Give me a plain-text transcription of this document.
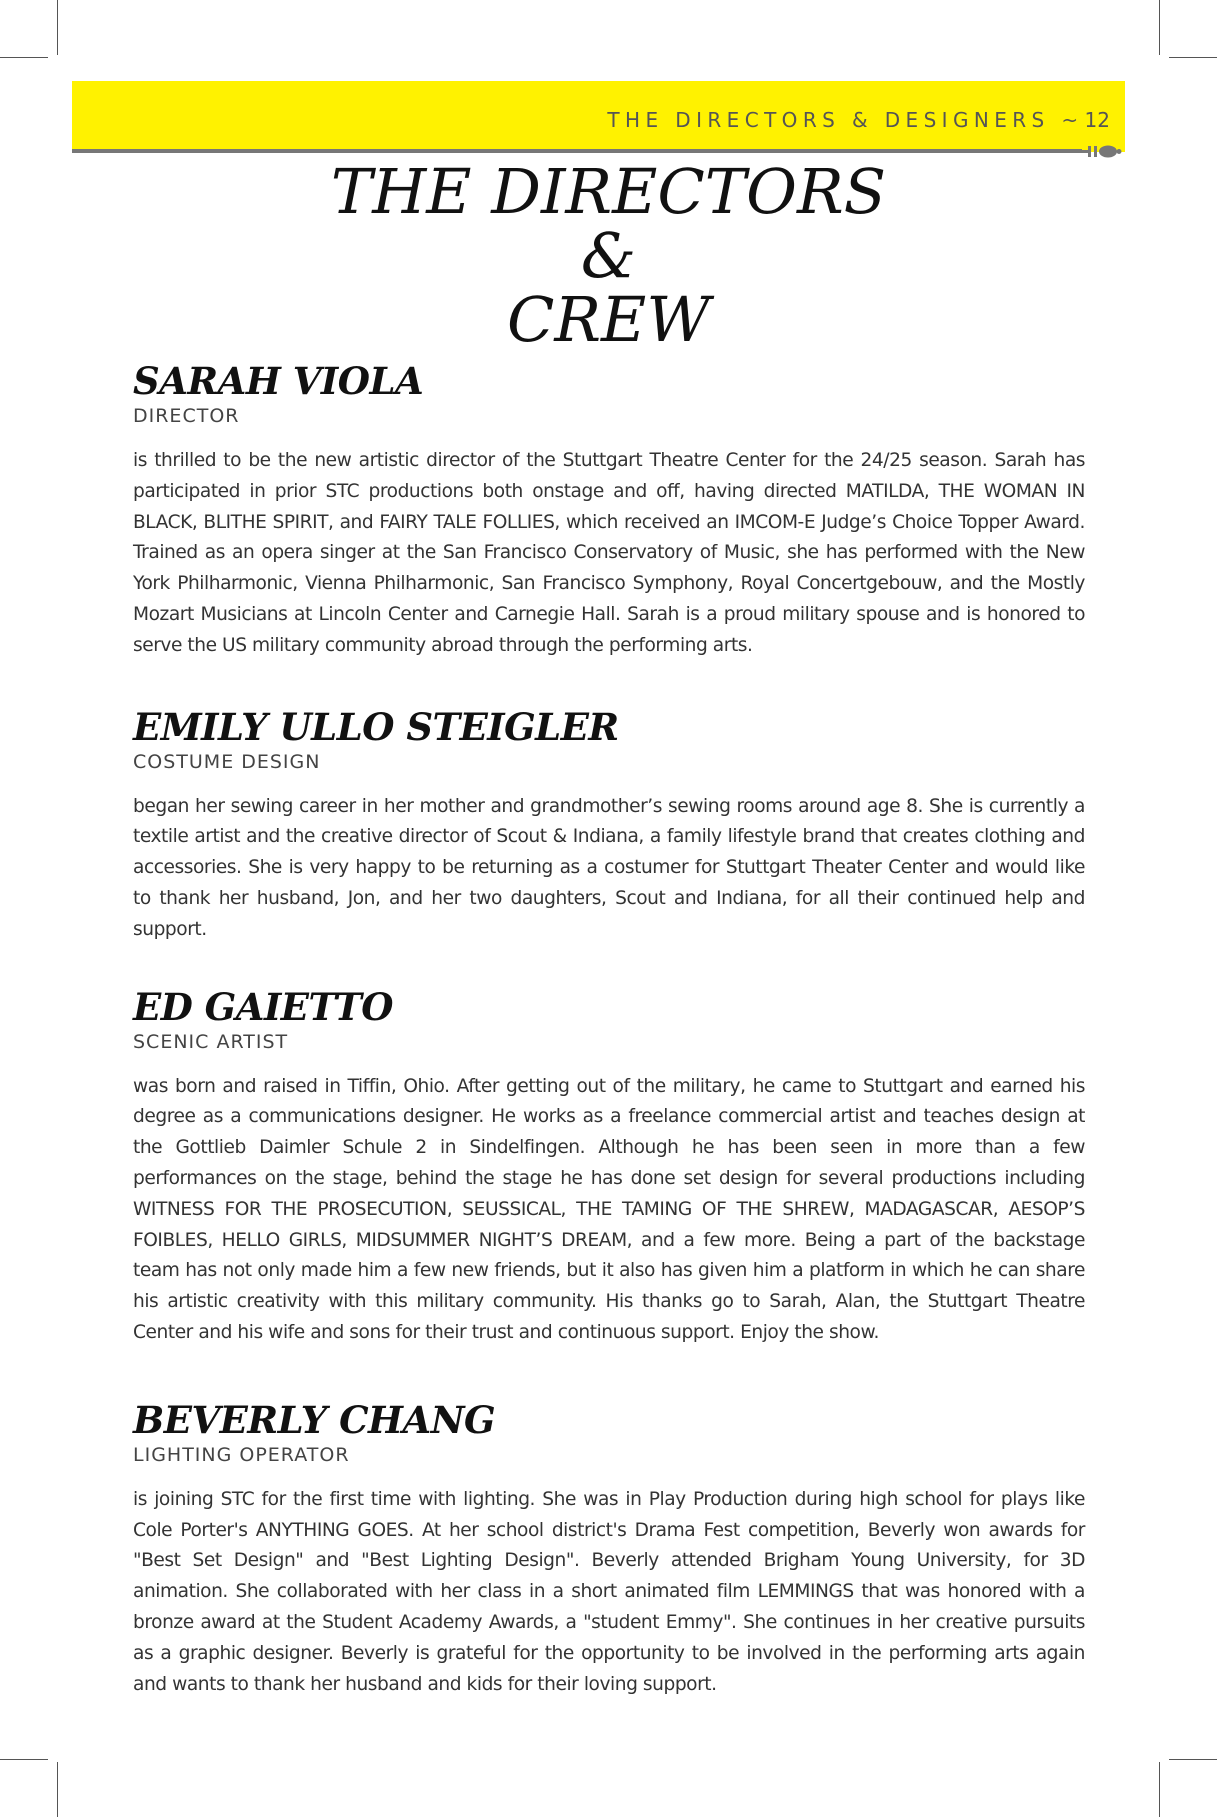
THE DIRECTORS & DESIGNERS ~ 12
THE DIRECTORS
&
CREW
SARAH VIOLA
DIRECTOR

is thrilled to be the new artistic director of the Stuttgart Theatre Center for the 24/25 season. Sarah has participated in prior STC productions both onstage and off, having directed MATILDA, THE WOMAN IN BLACK, BLITHE SPIRIT, and FAIRY TALE FOLLIES, which received an IMCOM-E Judge’s Choice Topper Award. Trained as an opera singer at the San Francisco Conservatory of Music, she has performed with the New York Philharmonic, Vienna Philharmonic, San Francisco Symphony, Royal Concertgebouw, and the Mostly Mozart Musicians at Lincoln Center and Carnegie Hall. Sarah is a proud military spouse and is honored to serve the US military community abroad through the performing arts.

EMILY ULLO STEIGLER
COSTUME DESIGN

began her sewing career in her mother and grandmother’s sewing rooms around age 8. She is currently a textile artist and the creative director of Scout & Indiana, a family lifestyle brand that creates clothing and accessories. She is very happy to be returning as a costumer for Stuttgart Theater Center and would like to thank her husband, Jon, and her two daughters, Scout and Indiana, for all their continued help and support.

ED GAIETTO
SCENIC ARTIST

was born and raised in Tiffin, Ohio. After getting out of the military, he came to Stuttgart and earned his degree as a communications designer. He works as a freelance commercial artist and teaches design at the Gottlieb Daimler Schule 2 in Sindelfingen. Although he has been seen in more than a few performances on the stage, behind the stage he has done set design for several productions including WITNESS FOR THE PROSECUTION, SEUSSICAL, THE TAMING OF THE SHREW, MADAGASCAR, AESOP’S FOIBLES, HELLO GIRLS, MIDSUMMER NIGHT’S DREAM, and a few more. Being a part of the backstage team has not only made him a few new friends, but it also has given him a platform in which he can share his artistic creativity with this military community. His thanks go to Sarah, Alan, the Stuttgart Theatre Center and his wife and sons for their trust and continuous support. Enjoy the show.

BEVERLY CHANG
LIGHTING OPERATOR

is joining STC for the first time with lighting. She was in Play Production during high school for plays like Cole Porter's ANYTHING GOES. At her school district's Drama Fest competition, Beverly won awards for "Best Set Design" and "Best Lighting Design". Beverly attended Brigham Young University, for 3D animation. She collaborated with her class in a short animated film LEMMINGS that was honored with a bronze award at the Student Academy Awards, a "student Emmy". She continues in her creative pursuits as a graphic designer. Beverly is grateful for the opportunity to be involved in the performing arts again and wants to thank her husband and kids for their loving support.
